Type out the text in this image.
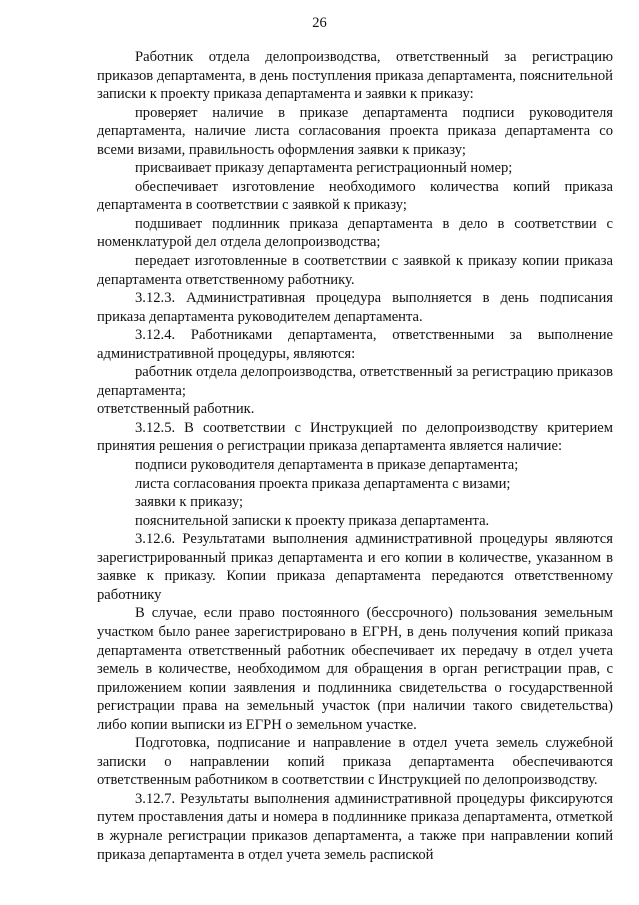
26

Работник отдела делопроизводства, ответственный за регистрацию приказов департамента, в день поступления приказа департамента, пояснительной записки к проекту приказа департамента и заявки к приказу:

проверяет наличие в приказе департамента подписи руководителя департамента, наличие листа согласования проекта приказа департамента со всеми визами, правильность оформления заявки к приказу;

присваивает приказу департамента регистрационный номер;

обеспечивает изготовление необходимого количества копий приказа департамента в соответствии с заявкой к приказу;

подшивает подлинник приказа департамента в дело в соответствии с номенклатурой дел отдела делопроизводства;

передает изготовленные в соответствии с заявкой к приказу копии приказа департамента ответственному работнику.

3.12.3. Административная процедура выполняется в день подписания приказа департамента руководителем департамента.

3.12.4. Работниками департамента, ответственными за выполнение административной процедуры, являются:

работник отдела делопроизводства, ответственный за регистрацию приказов департамента;

ответственный работник.

3.12.5. В соответствии с Инструкцией по делопроизводству критерием принятия решения о регистрации приказа департамента является наличие:

подписи руководителя департамента в приказе департамента;

листа согласования проекта приказа департамента с визами;

заявки к приказу;

пояснительной записки к проекту приказа департамента.

3.12.6. Результатами выполнения административной процедуры являются зарегистрированный приказ департамента и его копии в количестве, указанном в заявке к приказу. Копии приказа департамента передаются ответственному работнику

В случае, если право постоянного (бессрочного) пользования земельным участком было ранее зарегистрировано в ЕГРН, в день получения копий приказа департамента ответственный работник обеспечивает их передачу в отдел учета земель в количестве, необходимом для обращения в орган регистрации прав, с приложением копии заявления и подлинника свидетельства о государственной регистрации права на земельный участок (при наличии такого свидетельства) либо копии выписки из ЕГРН о земельном участке.

Подготовка, подписание и направление в отдел учета земель служебной записки о направлении копий приказа департамента обеспечиваются ответственным работником в соответствии с Инструкцией по делопроизводству.

3.12.7. Результаты выполнения административной процедуры фиксируются путем проставления даты и номера в подлиннике приказа департамента, отметкой в журнале регистрации приказов департамента, а также при направлении копий приказа департамента в отдел учета земель распиской
